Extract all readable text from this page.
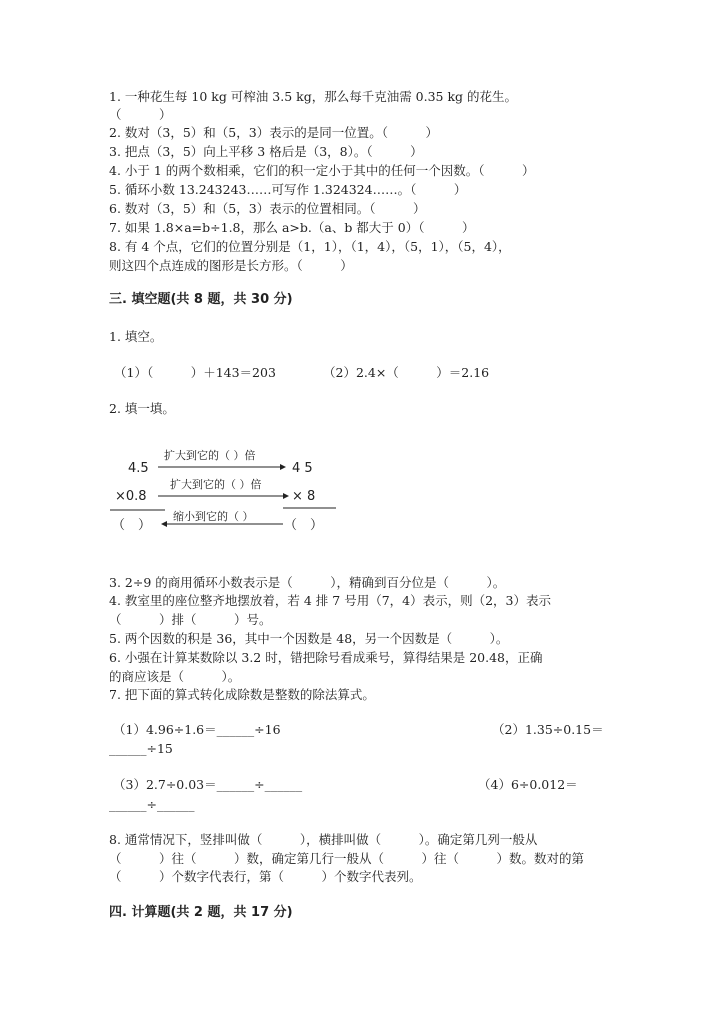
1. 一种花生每 10 kg 可榨油 3.5 kg，那么每千克油需 0.35 kg 的花生。
（　　　）
2. 数对（3，5）和（5，3）表示的是同一位置。（　　　）
3. 把点（3，5）向上平移 3 格后是（3，8）。（　　　）
4. 小于 1 的两个数相乘，它们的积一定小于其中的任何一个因数。（　　　）
5. 循环小数 13.243243……可写作 1.324324……。（　　　）
6. 数对（3，5）和（5，3）表示的位置相同。（　　　）
7. 如果 1.8×a=b÷1.8，那么 a>b.（a、b 都大于 0）（　　　）
8. 有 4 个点，它们的位置分别是（1，1），（1，4），（5，1），（5，4），
则这四个点连成的图形是长方形。（　　　）
三. 填空题(共 8 题，共 30 分)
1. 填空。
（1）（　　　）＋143＝203	（2）2.4×（　　　）＝2.16
2. 填一填。
4.5
扩大到它的（ ）倍
4 5
×0.8
扩大到它的（ ）倍
× 8
（　）
缩小到它的（ ）
（　）
3. 2÷9 的商用循环小数表示是（　　　），精确到百分位是（　　　）。
4. 教室里的座位整齐地摆放着，若 4 排 7 号用（7，4）表示，则（2，3）表示
（　　　）排（　　　）号。
5. 两个因数的积是 36，其中一个因数是 48，另一个因数是（　　　）。
6. 小强在计算某数除以 3.2 时，错把除号看成乘号，算得结果是 20.48，正确
的商应该是（　　　）。
7. 把下面的算式转化成除数是整数的除法算式。
（1）4.96÷1.6＝______÷16	（2）1.35÷0.15＝
______÷15
（3）2.7÷0.03＝______÷______	（4）6÷0.012＝
______÷______
8. 通常情况下，竖排叫做（　　　），横排叫做（　　　）。确定第几列一般从
（　　　）往（　　　）数，确定第几行一般从（　　　）往（　　　）数。数对的第
（　　　）个数字代表行，第（　　　）个数字代表列。
四. 计算题(共 2 题，共 17 分)
